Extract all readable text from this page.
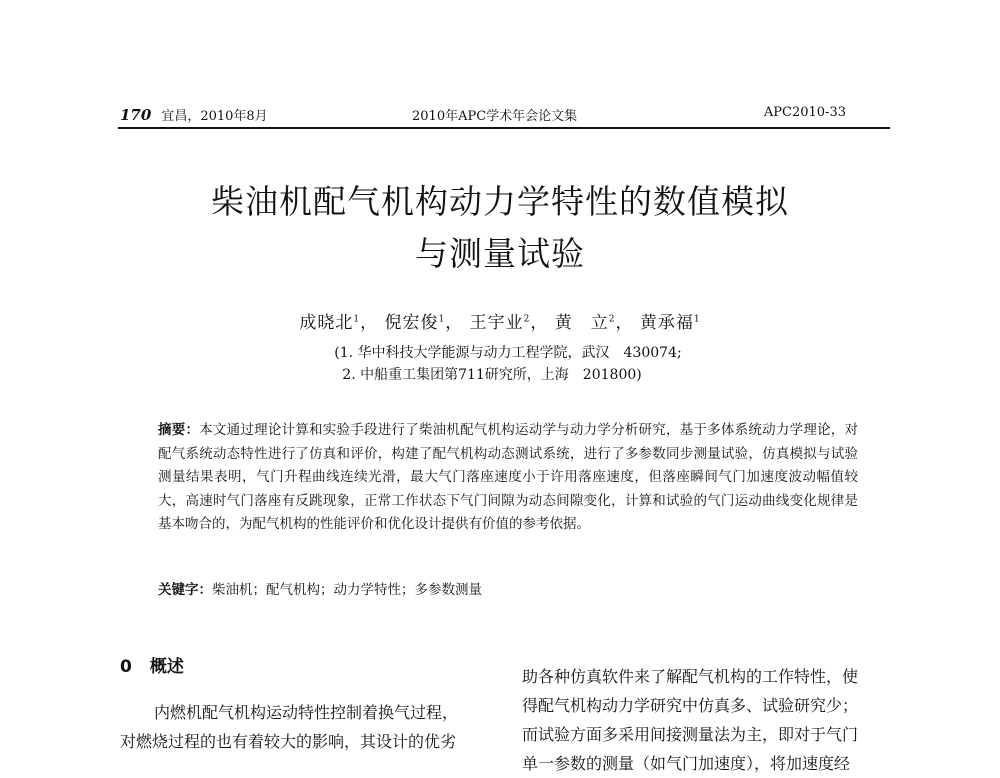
170 宜昌，2010年8月	2010年APC学术年会论文集	APC2010-33
柴油机配气机构动力学特性的数值模拟
与测量试验
成晓北$^1$， 倪宏俊$^1$， 王宇业$^2$， 黄　立$^2$， 黄承福$^1$
(1. 华中科技大学能源与动力工程学院，武汉　430074;
2. 中船重工集团第711研究所，上海　201800)
摘要：本文通过理论计算和实验手段进行了柴油机配气机构运动学与动力学分析研究，基于多体系统动力学理论，对配气系统动态特性进行了仿真和评价，构建了配气机构动态测试系统，进行了多参数同步测量试验，仿真模拟与试验测量结果表明，气门升程曲线连续光滑，最大气门落座速度小于许用落座速度，但落座瞬间气门加速度波动幅值较大，高速时气门落座有反跳现象，正常工作状态下气门间隙为动态间隙变化，计算和试验的气门运动曲线变化规律是基本吻合的，为配气机构的性能评价和优化设计提供有价值的参考依据。
关键字：柴油机；配气机构；动力学特性；多参数测量
0 概述
内燃机配气机构运动特性控制着换气过程，
对燃烧过程的也有着较大的影响，其设计的优劣
助各种仿真软件来了解配气机构的工作特性，使
得配气机构动力学研究中仿真多、试验研究少；
而试验方面多采用间接测量法为主，即对于气门
单一参数的测量（如气门加速度），将加速度经
